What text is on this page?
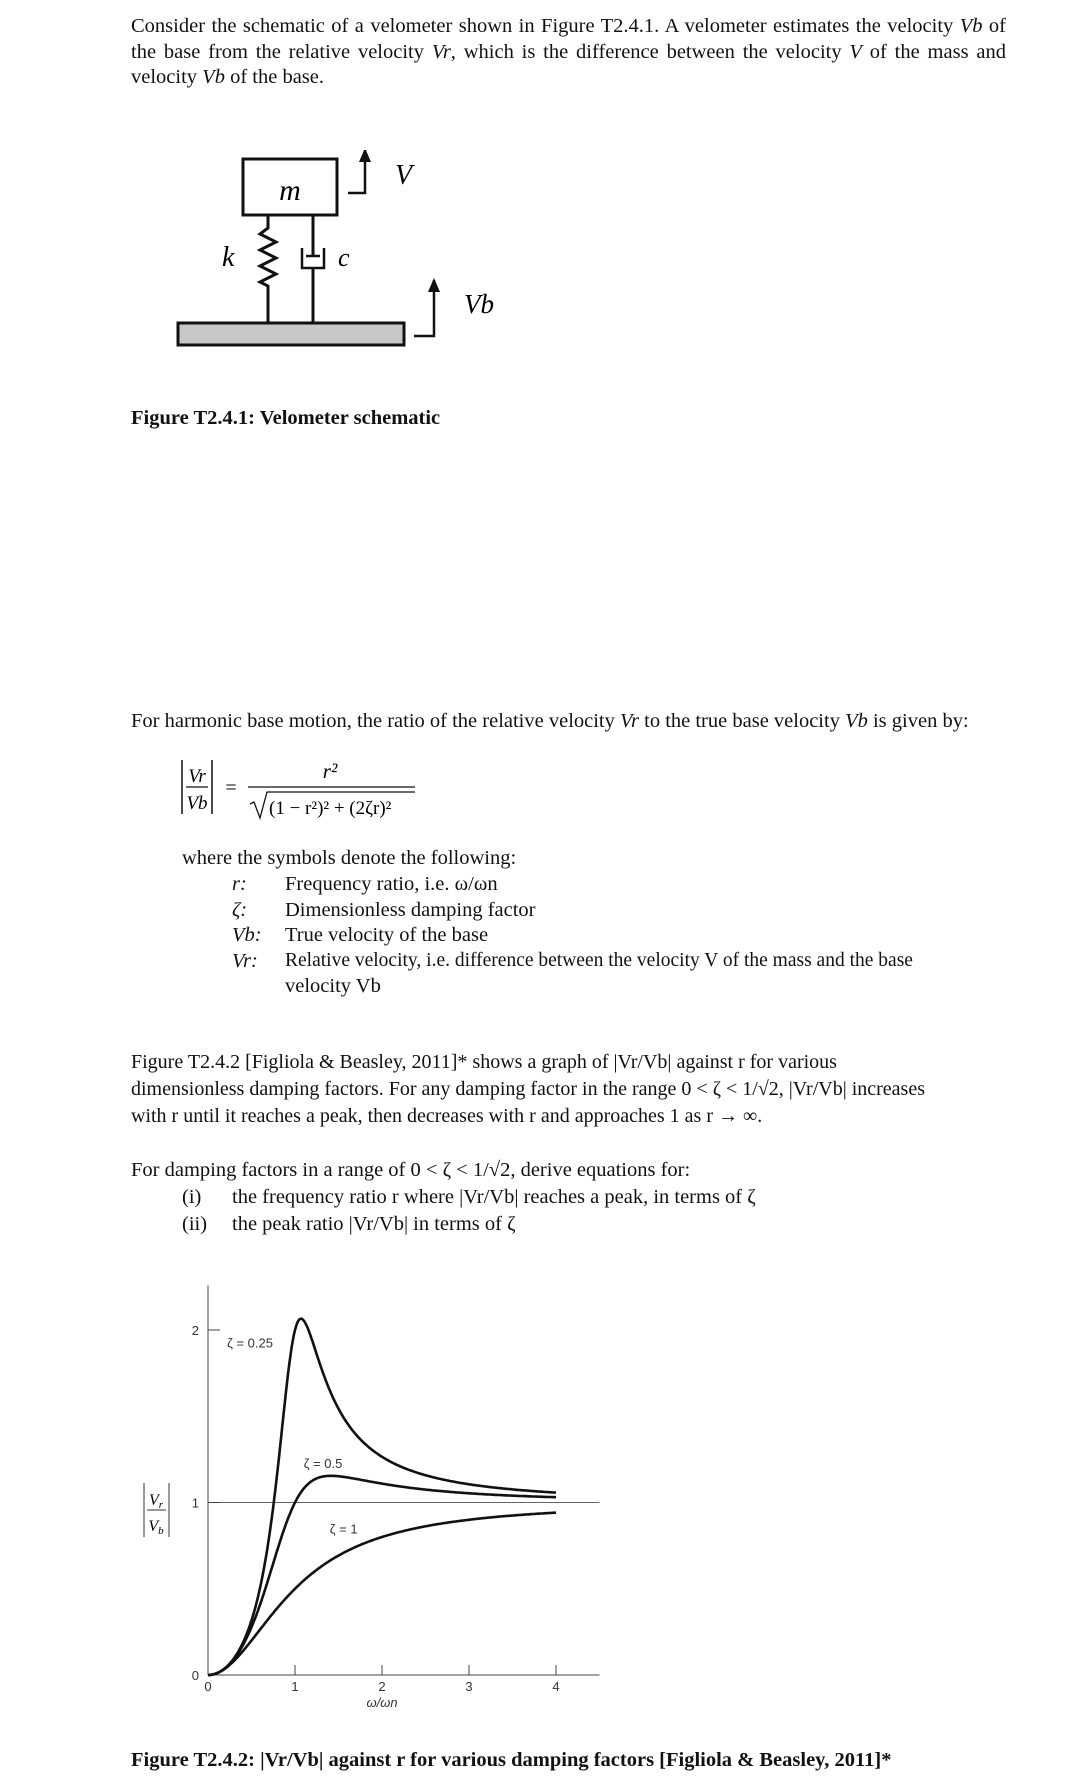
Consider the schematic of a velometer shown in Figure T2.4.1. A velometer estimates the velocity Vb of the base from the relative velocity Vr, which is the difference between the velocity V of the mass and velocity Vb of the base.
m	V
k	c
Vb
Figure T2.4.1: Velometer schematic
For harmonic base motion, the ratio of the relative velocity Vr to the true base velocity Vb is given by:
Vr
Vb
=
r²
(1 − r²)² + (2ζr)²
where the symbols denote the following:
r:	Frequency ratio, i.e. ω/ωn
ζ:	Dimensionless damping factor
Vb:	True velocity of the base
Vr:	Relative velocity, i.e. difference between the velocity V of the mass and the base
velocity Vb
Figure T2.4.2 [Figliola & Beasley, 2011]* shows a graph of |Vr/Vb| against r for various
dimensionless damping factors. For any damping factor in the range 0 < ζ < 1/√2, |Vr/Vb| increases
with r until it reaches a peak, then decreases with r and approaches 1 as r → ∞.
For damping factors in a range of 0 < ζ < 1/√2, derive equations for:
(i) the frequency ratio r where |Vr/Vb| reaches a peak, in terms of ζ
(ii) the peak ratio |Vr/Vb| in terms of ζ
Vr
Vb
0	1	2	3	4
0
1
2
ω/ωn
ζ = 0.25
ζ = 0.5
ζ = 1
Figure T2.4.2: |Vr/Vb| against r for various damping factors [Figliola & Beasley, 2011]*
